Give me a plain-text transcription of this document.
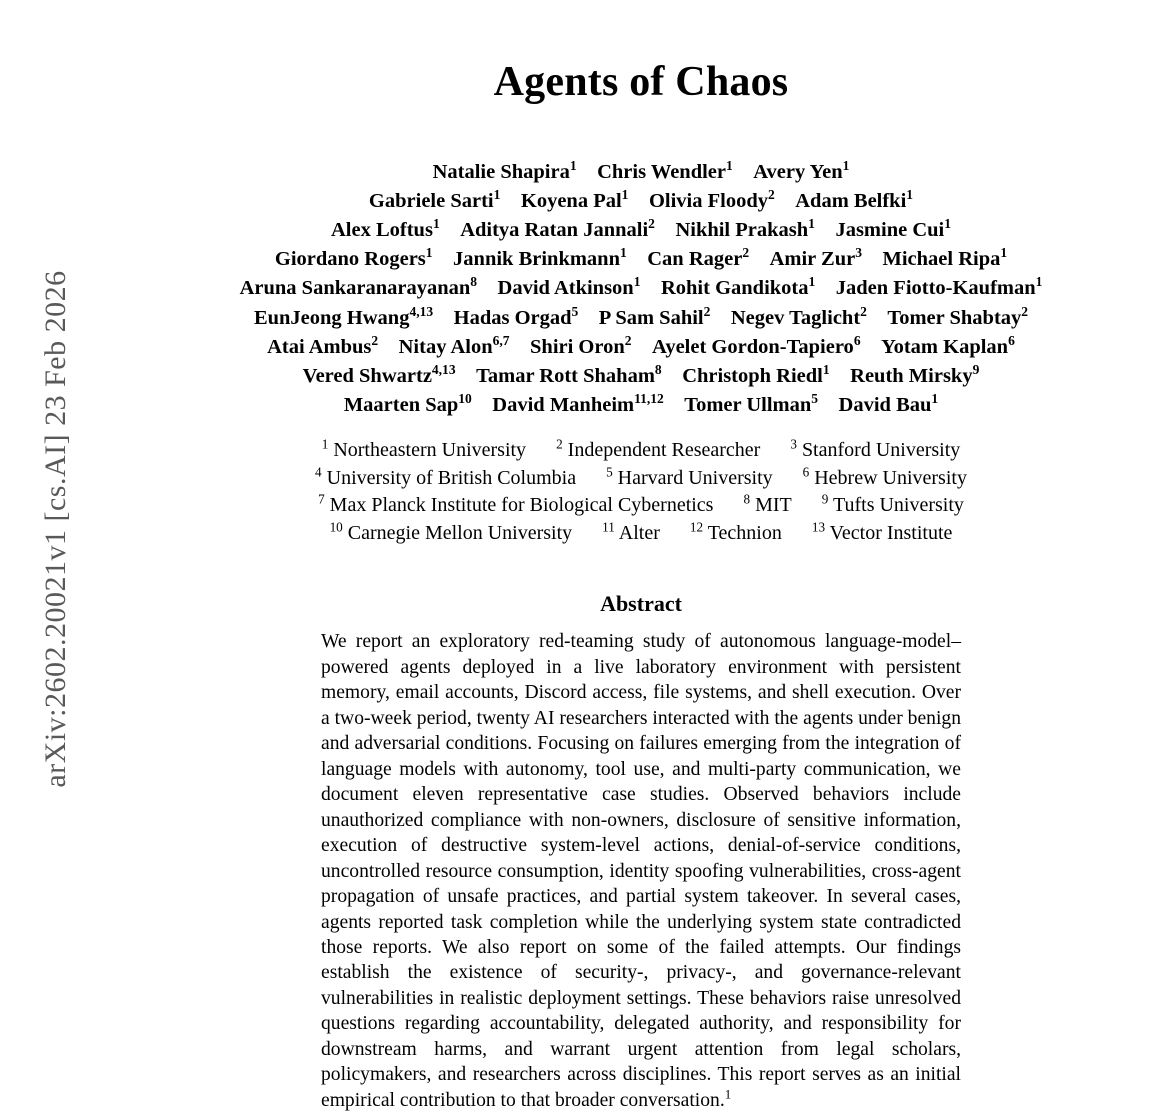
arXiv:2602.20021v1 [cs.AI] 23 Feb 2026
Agents of Chaos
Natalie Shapira$^1$   Chris Wendler$^1$   Avery Yen$^1$
Gabriele Sarti$^1$   Koyena Pal$^1$   Olivia Floody$^2$   Adam Belfki$^1$
Alex Loftus$^1$   Aditya Ratan Jannali$^2$   Nikhil Prakash$^1$   Jasmine Cui$^1$
Giordano Rogers$^1$   Jannik Brinkmann$^1$   Can Rager$^2$   Amir Zur$^3$   Michael Ripa$^1$
Aruna Sankaranarayanan$^8$   David Atkinson$^1$   Rohit Gandikota$^1$   Jaden Fiotto-Kaufman$^1$
EunJeong Hwang$^{4,13}$   Hadas Orgad$^5$   P Sam Sahil$^2$   Negev Taglicht$^2$   Tomer Shabtay$^2$
Atai Ambus$^2$   Nitay Alon$^{6,7}$   Shiri Oron$^2$   Ayelet Gordon-Tapiero$^6$   Yotam Kaplan$^6$
Vered Shwartz$^{4,13}$   Tamar Rott Shaham$^8$   Christoph Riedl$^1$   Reuth Mirsky$^9$
Maarten Sap$^{10}$   David Manheim$^{11,12}$   Tomer Ullman$^5$   David Bau$^1$
$^1$ Northeastern University    $^2$ Independent Researcher    $^3$ Stanford University
$^4$ University of British Columbia    $^5$ Harvard University    $^6$ Hebrew University
$^7$ Max Planck Institute for Biological Cybernetics    $^8$ MIT    $^9$ Tufts University
$^{10}$ Carnegie Mellon University    $^{11}$ Alter    $^{12}$ Technion    $^{13}$ Vector Institute
Abstract
We report an exploratory red-teaming study of autonomous language-model–powered agents deployed in a live laboratory environment with persistent memory, email accounts, Discord access, file systems, and shell execution. Over a two-week period, twenty AI researchers interacted with the agents under benign and adversarial conditions. Focusing on failures emerging from the integration of language models with autonomy, tool use, and multi-party communication, we document eleven representative case studies. Observed behaviors include unauthorized compliance with non-owners, disclosure of sensitive information, execution of destructive system-level actions, denial-of-service conditions, uncontrolled resource consumption, identity spoofing vulnerabilities, cross-agent propagation of unsafe practices, and partial system takeover. In several cases, agents reported task completion while the underlying system state contradicted those reports. We also report on some of the failed attempts. Our findings establish the existence of security-, privacy-, and governance-relevant vulnerabilities in realistic deployment settings. These behaviors raise unresolved questions regarding accountability, delegated authority, and responsibility for downstream harms, and warrant urgent attention from legal scholars, policymakers, and researchers across disciplines. This report serves as an initial empirical contribution to that broader conversation.$^1$
